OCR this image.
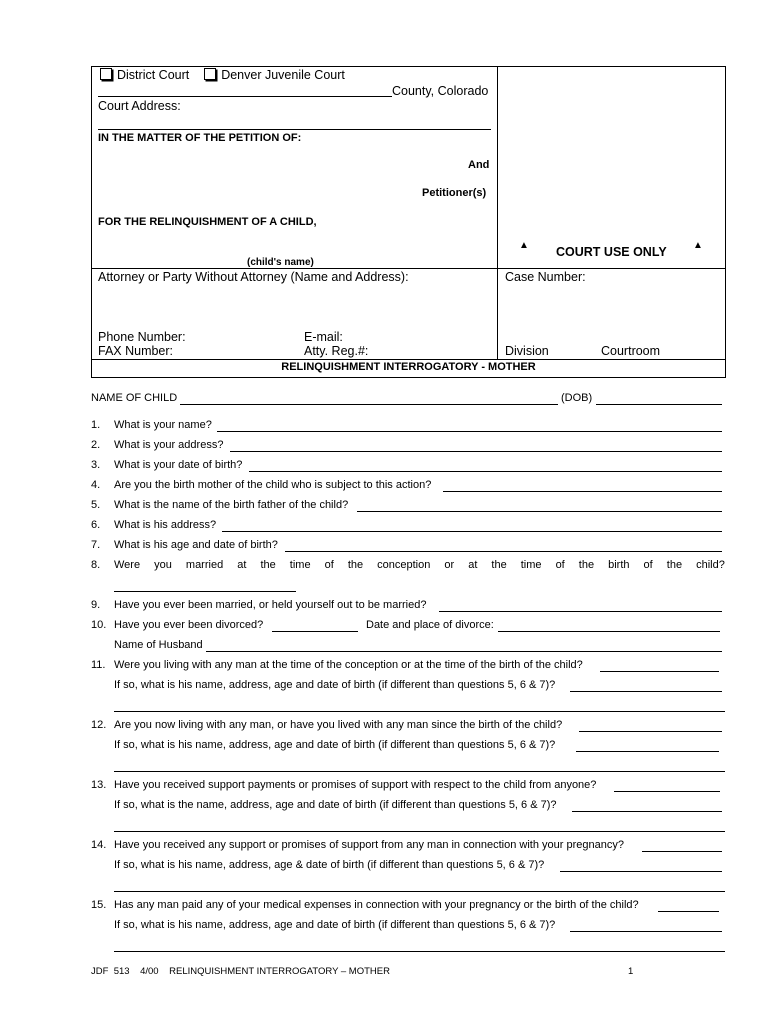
District Court	Denver Juvenile Court
County, Colorado
Court Address:
IN THE MATTER OF THE PETITION OF:
And
Petitioner(s)
FOR THE RELINQUISHMENT OF A CHILD,
(child's name)
▲ COURT USE ONLY	▲
Attorney or Party Without Attorney (Name and Address):	Case Number:
Phone Number:	E-mail:
FAX Number:	Atty. Reg.#:	Division	Courtroom
RELINQUISHMENT INTERROGATORY - MOTHER
NAME OF CHILD	(DOB)
1. What is your name?
2. What is your address?
3. What is your date of birth?
4. Are you the birth mother of the child who is subject to this action?
5. What is the name of the birth father of the child?
6. What is his address?
7. What is his age and date of birth?
8. Were you married at the time of the conception or at the time of the birth of the child?
9. Have you ever been married, or held yourself out to be married?
10. Have you ever been divorced?	Date and place of divorce:
Name of Husband
11. Were you living with any man at the time of the conception or at the time of the birth of the child?
If so, what is his name, address, age and date of birth (if different than questions 5, 6 & 7)?
12. Are you now living with any man, or have you lived with any man since the birth of the child?
If so, what is his name, address, age and date of birth (if different than questions 5, 6 & 7)?
13. Have you received support payments or promises of support with respect to the child from anyone?
If so, what is the name, address, age and date of birth (if different than questions 5, 6 & 7)?
14. Have you received any support or promises of support from any man in connection with your pregnancy?
If so, what is his name, address, age & date of birth (if different than questions 5, 6 & 7)?
15. Has any man paid any of your medical expenses in connection with your pregnancy or the birth of the child?
If so, what is his name, address, age and date of birth (if different than questions 5, 6 & 7)?
JDF  513    4/00    RELINQUISHMENT INTERROGATORY – MOTHER	1
